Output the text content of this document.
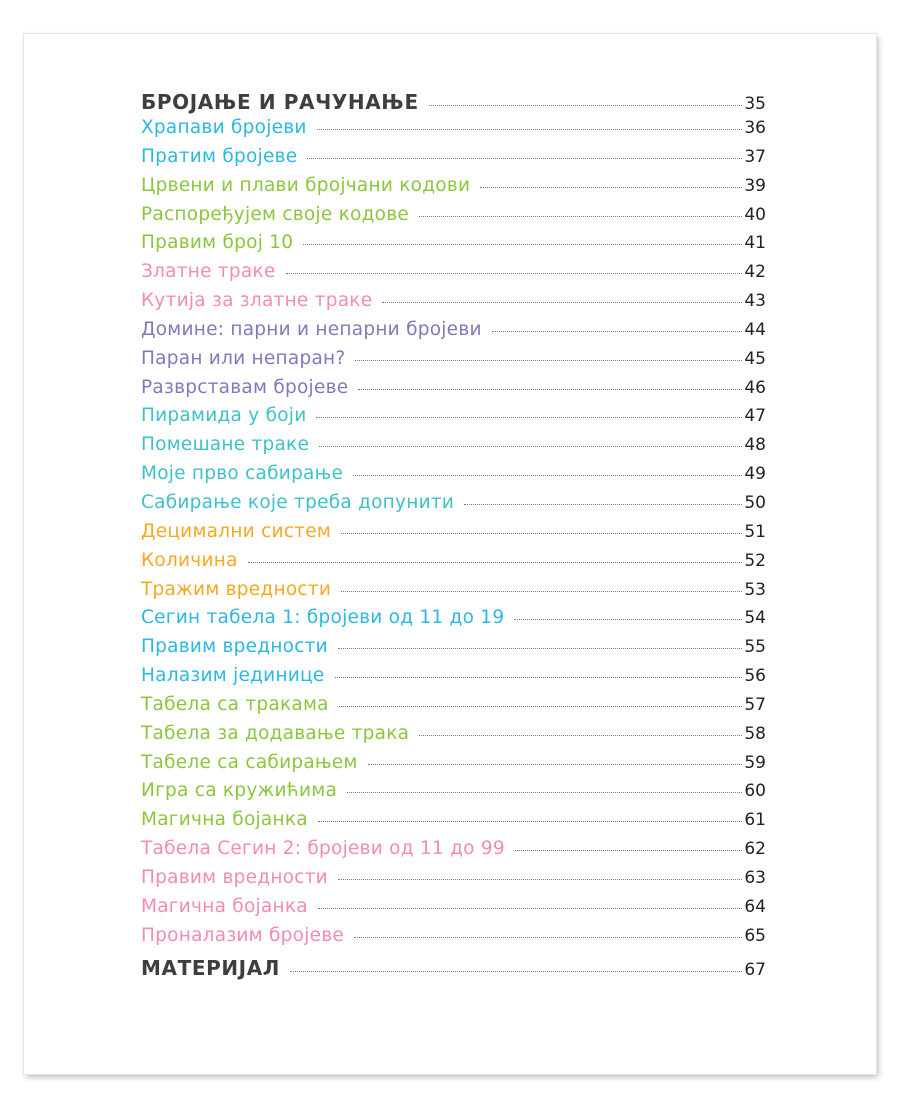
БРОЈАЊЕ И РАЧУНАЊЕ	35
Храпави бројеви	36
Пратим бројеве	37
Црвени и плави бројчани кодови	39
Распоређујем своје кодове	40
Правим број 10	41
Златне траке	42
Кутија за златне траке	43
Домине: парни и непарни бројеви	44
Паран или непаран?	45
Разврставам бројеве	46
Пирамида у боји	47
Помешане траке	48
Моје прво сабирање	49
Сабирање које треба допунити	50
Децимални систем	51
Количина	52
Тражим вредности	53
Сегин табела 1: бројеви од 11 до 19	54
Правим вредности	55
Налазим јединице	56
Табела са тракама	57
Табела за додавање трака	58
Табеле са сабирањем	59
Игра са кружићима	60
Магична бојанка	61
Табела Сегин 2: бројеви од 11 до 99	62
Правим вредности	63
Магична бојанка	64
Проналазим бројеве	65
МАТЕРИЈАЛ	67
